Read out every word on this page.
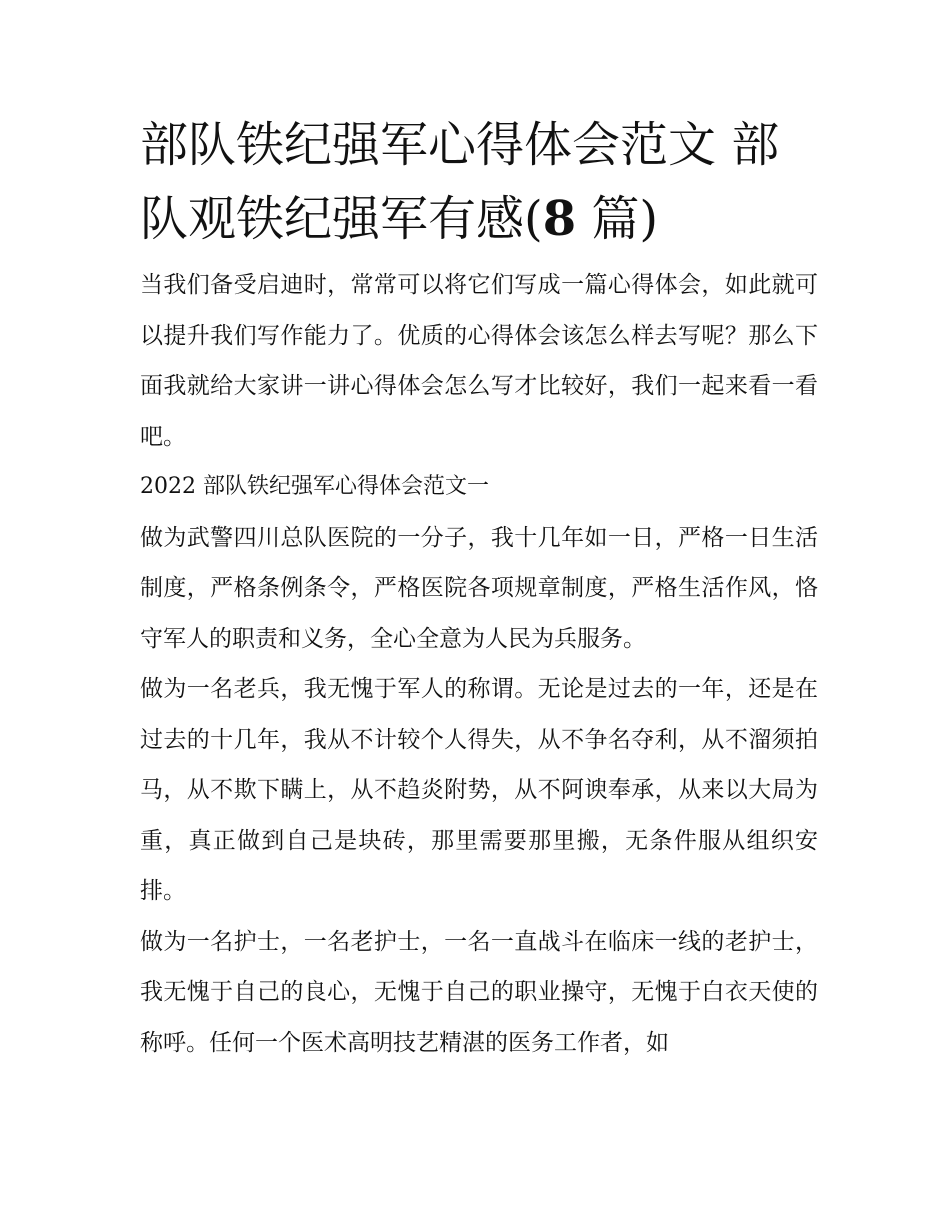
部队铁纪强军心得体会范文 部队观铁纪强军有感(8 篇)

当我们备受启迪时，常常可以将它们写成一篇心得体会，如此就可以提升我们写作能力了。优质的心得体会该怎么样去写呢？那么下面我就给大家讲一讲心得体会怎么写才比较好，我们一起来看一看吧。

2022 部队铁纪强军心得体会范文一

做为武警四川总队医院的一分子，我十几年如一日，严格一日生活制度，严格条例条令，严格医院各项规章制度，严格生活作风，恪守军人的职责和义务，全心全意为人民为兵服务。

做为一名老兵，我无愧于军人的称谓。无论是过去的一年，还是在过去的十几年，我从不计较个人得失，从不争名夺利，从不溜须拍马，从不欺下瞒上，从不趋炎附势，从不阿谀奉承，从来以大局为重，真正做到自己是块砖，那里需要那里搬，无条件服从组织安排。

做为一名护士，一名老护士，一名一直战斗在临床一线的老护士，我无愧于自己的良心，无愧于自己的职业操守，无愧于白衣天使的称呼。任何一个医术高明技艺精湛的医务工作者，如
